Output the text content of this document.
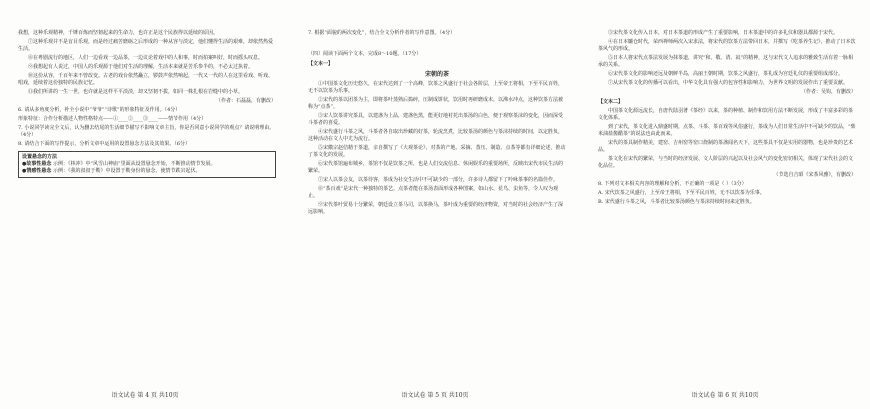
我想，这种乐观精神，千锤百炼而坚韧起来的生命力，也许正是这个民族得以延续的原因。

⑦这种乐观并不是盲目乐观，而是经过痛苦磨砺之后形成的一种从容与淡定，他们懂得生活的艰难，却依然热爱生活。

⑧在粤剧流行的地区，人们一边看戏一边品茶，一边议论着戏中的人和事，时而拍案叫好，时而摇头叹息。

⑨我想起有人说过，中国人的乐观源于他们对生活的理解，生活本来就是苦乐参半的，不必太过执着。

⑩这份从容，千百年来不曾改变。古老的戏台依然矗立，锣鼓声依然响起，一代又一代的人在这里看戏、听戏、唱戏，延续着这份独特的民族记忆。

⑪我们所讲的一生一世，也许就是这样平平淡淡，却又坚韧不拔，如同一株扎根在岩缝中的小草。

（作者：石磊磊，有删改）

6. 请从多角度分析，补全小说中“爷爷”“诗歌”的形象特征及作用。（4分）

形象特征：合作分析描述人物性格特点——①____②____③____——情节作用（4分）

7. 小说同学读完全文后，认为删去结尾的生活细节描写不影响文章主旨，你是否同意小说同学的观点？请说明理由。（4分）

8. 请结合下面的写作提示，分析文章中运用的设置悬念方法及其效果。（6分）

设置悬念的方法
●故事性悬念 示例：《林冲》中“风雪山神庙”里面从设置悬念开始，不断推动情节发展。
●情感性悬念 示例：《我的叔叔于勒》中设置于勒身份的悬念，使情节跌宕起伏。
语文试卷 第 4 页 共10页

7. 根据“面貌的两次变化”，结合全文分析作者的写作意图。（4分）

（四）阅读下面两个文本，完成8～10题。（17分）

【文本一】

宋朝的茶

①中国茶文化历史悠久，在宋代达到了一个高峰，饮茶之风盛行于社会各阶层，上至帝王将相，下至平民百姓，无不以饮茶为乐事。

②宋代的茶以团茶为主，即将茶叶蒸熟后捣碎，压制成饼状，饮用时再研磨成末，以沸水冲点，这种饮茶方法被称为“点茶”。

③宋人饮茶讲究茶具，以建盏为上品，建盏色黑，能更好地衬托出茶汤的白色，便于观察茶沫的变化，因而深受斗茶者的喜爱。

④宋代盛行斗茶之风，斗茶者各自取出珍藏的好茶，轮流烹煮，比较茶汤的颜色与茶沫持续的时间，以定胜负，这种活动在文人中尤为流行。

⑤宋徽宗赵佶精于茶道，亲自撰写了《大观茶论》，对茶的产地、采摘、蒸压、制造、点茶等都有详细论述，推动了茶文化的发展。

⑥宋代茶馆遍布城乡，茶馆不仅是饮茶之所，也是人们交流信息、休闲娱乐的重要场所，反映出宋代市民生活的繁荣。

⑦宋人以茶会友，以茶待客，茶成为社交生活中不可缺少的一部分，许多诗人都留下了吟咏茶事的名篇佳作。

⑧“茶百戏”是宋代一种独特的茶艺，点茶者能在茶汤表面形成各种图案，如山水、花鸟、虫鱼等，令人叹为观止。

⑨宋代茶叶贸易十分繁荣，朝廷设立茶马司，以茶换马，茶叶成为重要的经济物资，对当时的社会经济产生了深远影响。

语文试卷 第 5 页 共10页

③宋代茶文化传入日本，对日本茶道的形成产生了重要影响，日本茶道中的许多礼仪和器具都源于宋代。

④在日本镰仓时代，荣西禅师两次入宋求法，将宋代的饮茶方法带回日本，并撰写《吃茶养生记》，推动了日本饮茶风气的形成。

⑤日本人将宋代点茶法发展为抹茶道，讲究“和、敬、清、寂”的精神，这与宋代文人追求的雅致生活有着一脉相承的关系。

⑥宋代茶文化的影响还远及朝鲜半岛，高丽王朝时期，饮茶之风盛行，茶礼成为宫廷礼仪的重要组成部分。

⑦从宋代茶文化的传播可以看出，中华文化具有强大的包容性和影响力，为世界文明的发展作出了重要贡献。

（作者：吴钩，有删改）

【文本二】

中国茶文化源远流长，自唐代陆羽著《茶经》以来，茶的种植、制作和饮用方法不断发展，形成了丰富多彩的茶文化体系。

到了宋代，茶文化进入鼎盛时期，点茶、斗茶、茶百戏等风俗盛行，茶成为人们日常生活中不可缺少的饮品，“柴米油盐酱醋茶”的说法也由此而来。

宋代的茶具制作精美，建窑、吉州窑等窑口烧制的茶盏闻名天下，这些茶具不仅是实用的器物，也是珍贵的艺术品。

茶文化在宋代的繁荣，与当时的经济发展、文人阶层的兴起以及社会风气的变化密切相关，体现了宋代社会的文化品位。

（节选自吉昭《宋茶风雅》，有删改）

8. 下列对文本相关内容的理解和分析，不正确的一项是（ ）（3分）

A. 宋代饮茶之风盛行，上至帝王将相，下至平民百姓，无不以饮茶为乐事。

B. 宋代盛行斗茶之风，斗茶者比较茶汤颜色与茶沫持续时间来定胜负。

语文试卷 第 6 页 共10页
